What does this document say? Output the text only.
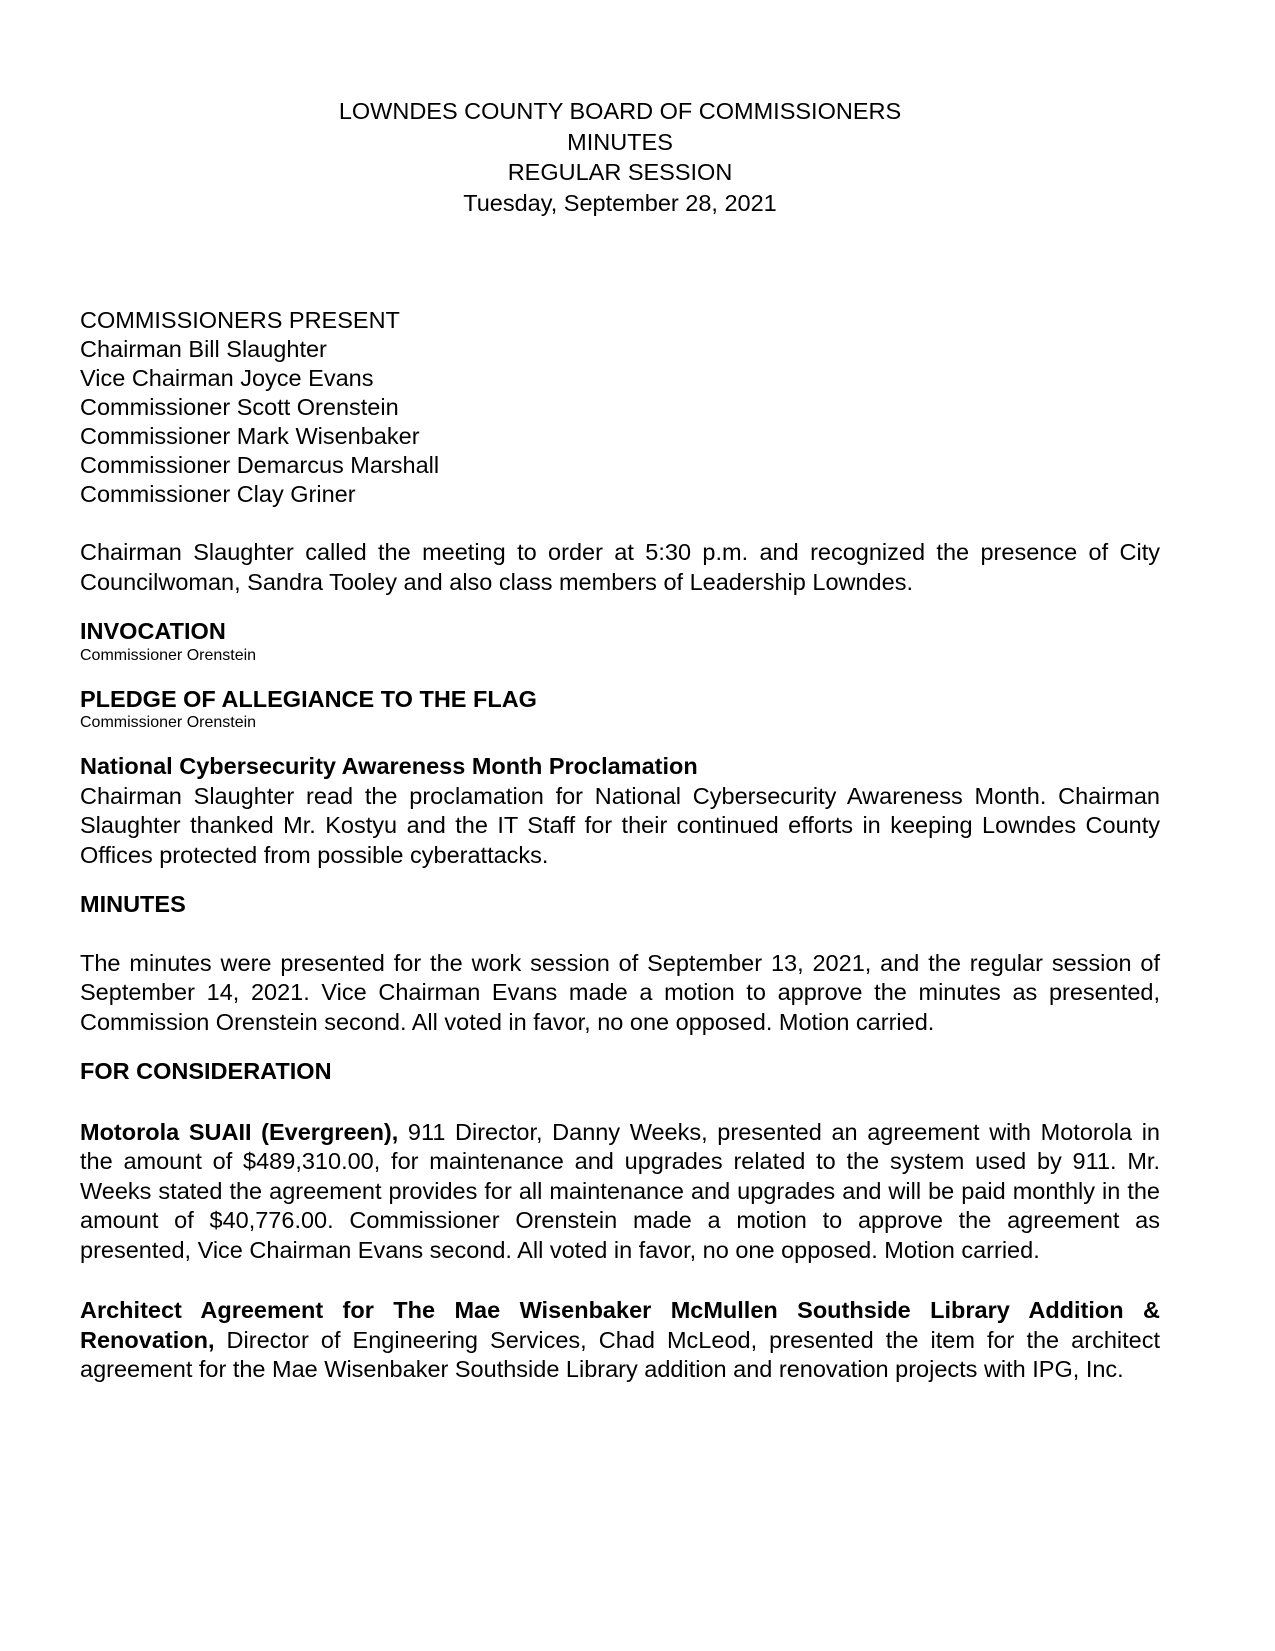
LOWNDES COUNTY BOARD OF COMMISSIONERS
MINUTES
REGULAR SESSION
Tuesday, September 28, 2021
COMMISSIONERS PRESENT
Chairman Bill Slaughter
Vice Chairman Joyce Evans
Commissioner Scott Orenstein
Commissioner Mark Wisenbaker
Commissioner Demarcus Marshall
Commissioner Clay Griner

Chairman Slaughter called the meeting to order at 5:30 p.m. and recognized the presence of City Councilwoman, Sandra Tooley and also class members of Leadership Lowndes.

INVOCATION
Commissioner Orenstein
PLEDGE OF ALLEGIANCE TO THE FLAG
Commissioner Orenstein
National Cybersecurity Awareness Month Proclamation

Chairman Slaughter read the proclamation for National Cybersecurity Awareness Month. Chairman Slaughter thanked Mr. Kostyu and the IT Staff for their continued efforts in keeping Lowndes County Offices protected from possible cyberattacks.

MINUTES

The minutes were presented for the work session of September 13, 2021, and the regular session of September 14, 2021. Vice Chairman Evans made a motion to approve the minutes as presented, Commission Orenstein second. All voted in favor, no one opposed. Motion carried.

FOR CONSIDERATION

Motorola SUAII (Evergreen), 911 Director, Danny Weeks, presented an agreement with Motorola in the amount of $489,310.00, for maintenance and upgrades related to the system used by 911. Mr. Weeks stated the agreement provides for all maintenance and upgrades and will be paid monthly in the amount of $40,776.00. Commissioner Orenstein made a motion to approve the agreement as presented, Vice Chairman Evans second. All voted in favor, no one opposed. Motion carried.

Architect Agreement for The Mae Wisenbaker McMullen Southside Library Addition & Renovation, Director of Engineering Services, Chad McLeod, presented the item for the architect agreement for the Mae Wisenbaker Southside Library addition and renovation projects with IPG, Inc.
